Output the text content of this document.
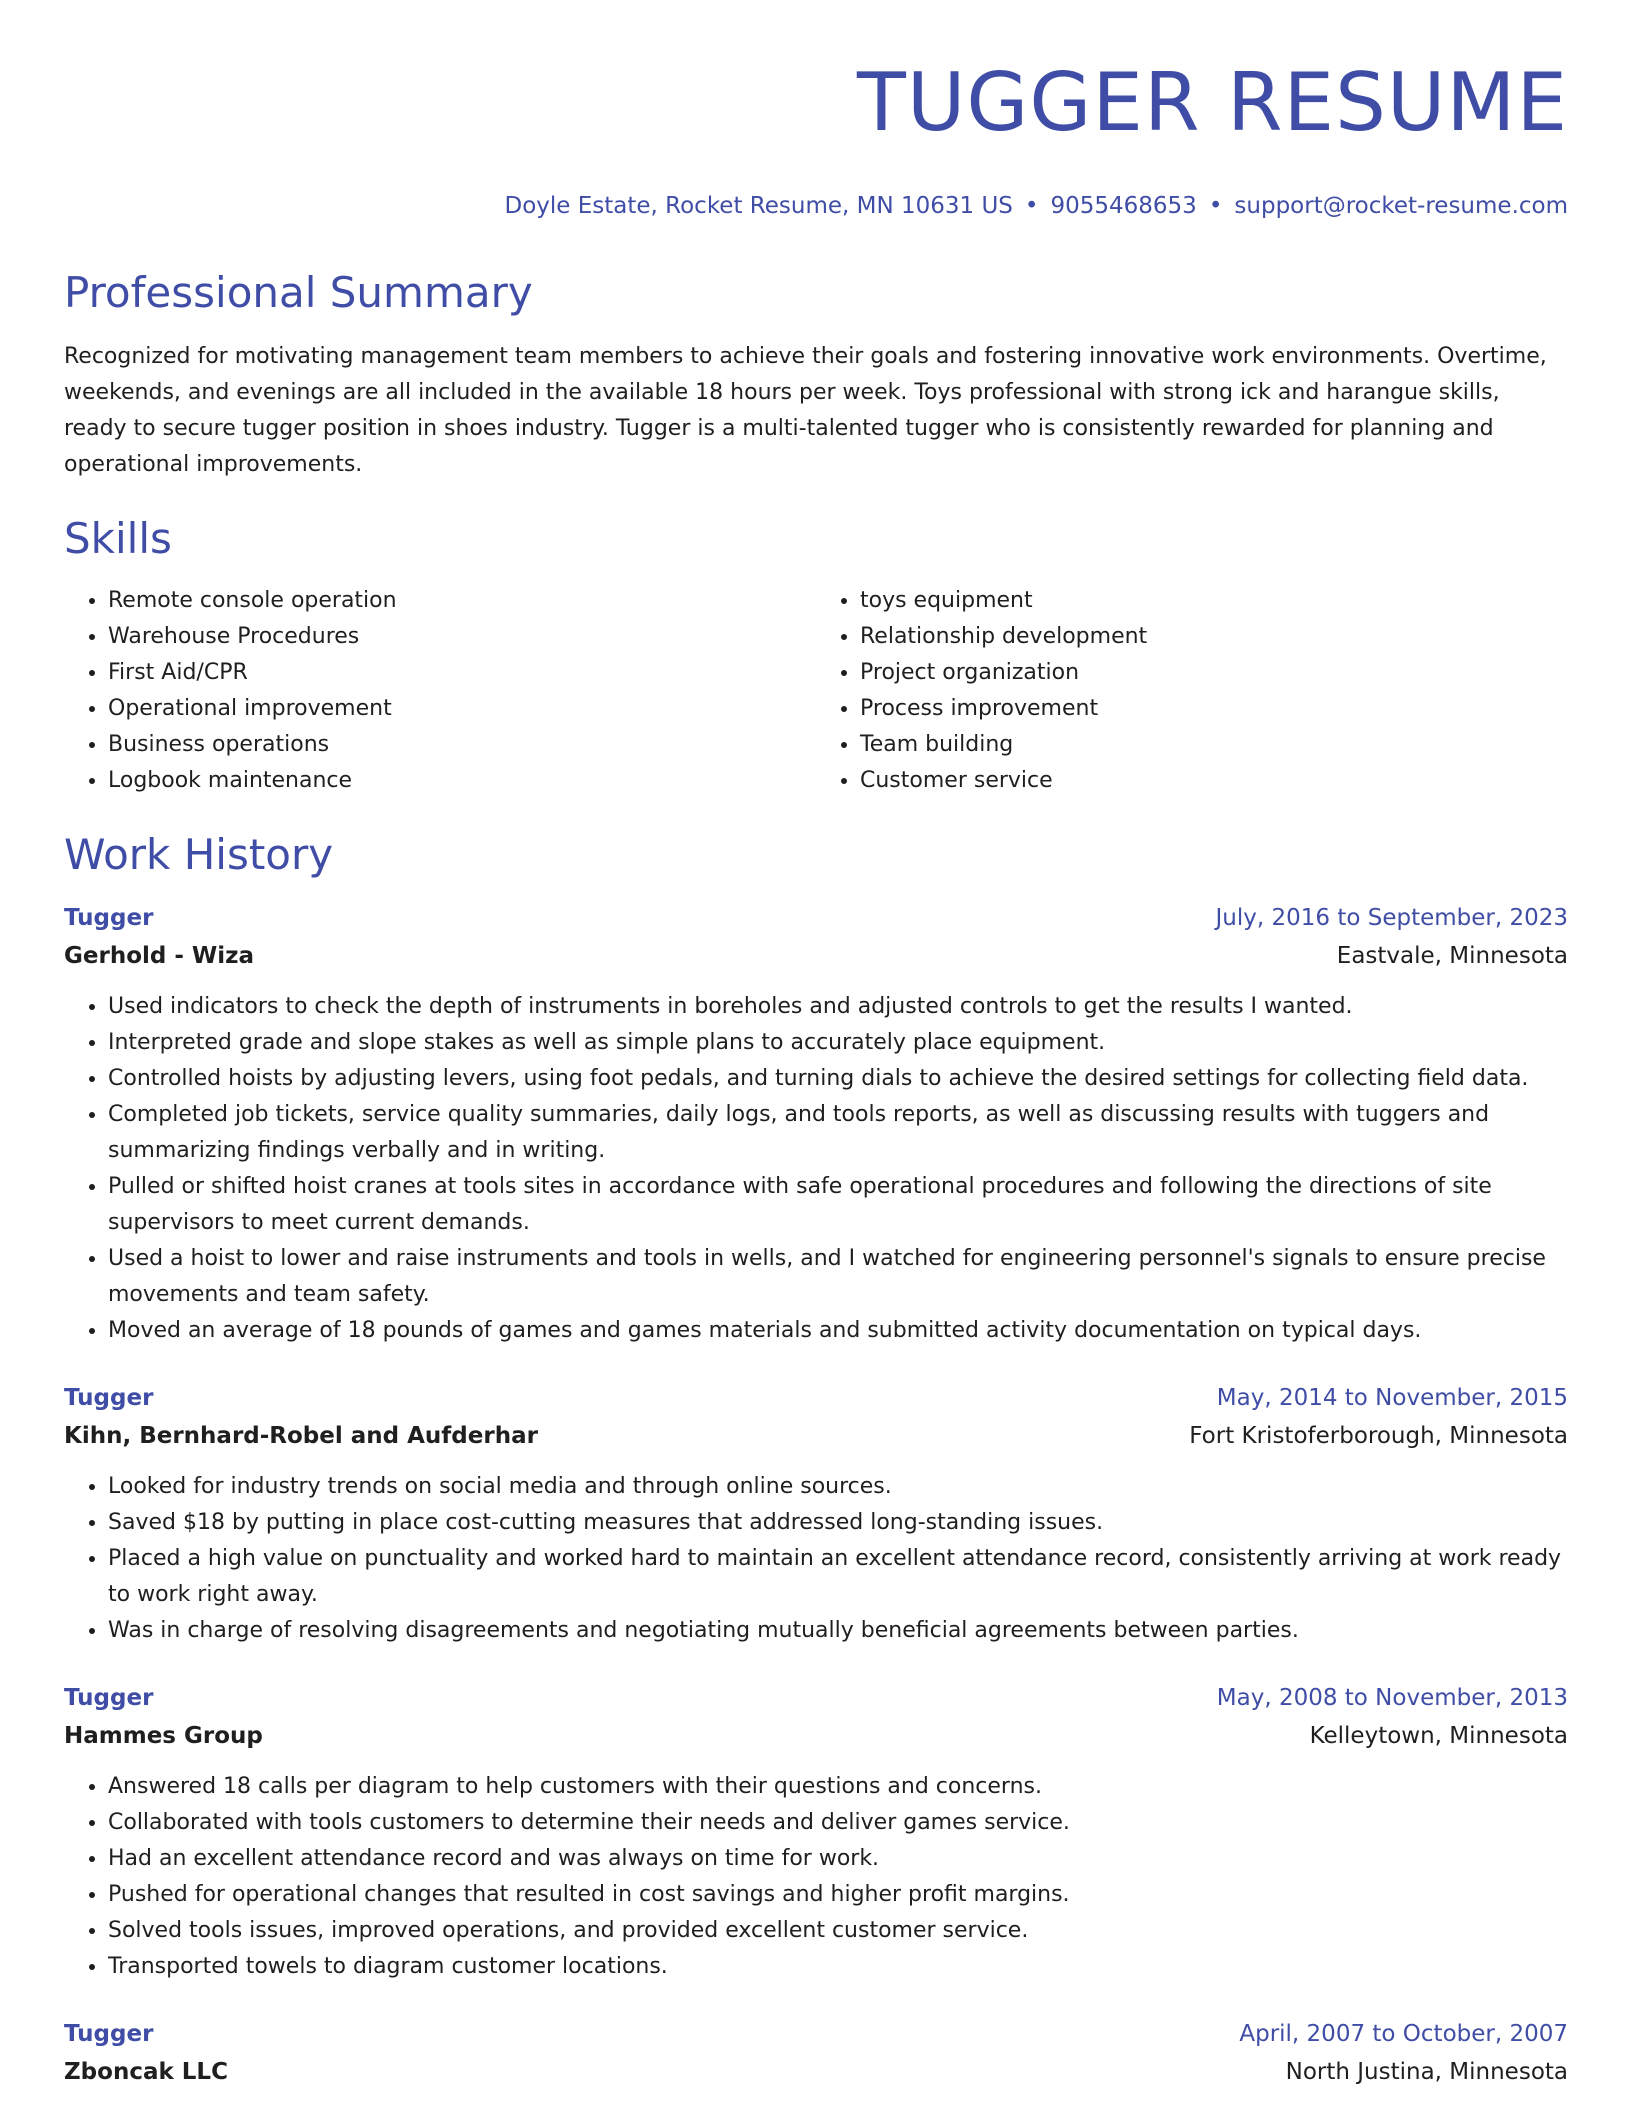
TUGGER RESUME
Doyle Estate, Rocket Resume, MN 10631 US • 9055468653 • support@rocket-resume.com
Professional Summary

Recognized for motivating management team members to achieve their goals and fostering innovative work environments. Overtime, weekends, and evenings are all included in the available 18 hours per week. Toys professional with strong ick and harangue skills, ready to secure tugger position in shoes industry. Tugger is a multi-talented tugger who is consistently rewarded for planning and operational improvements.

Skills
• Remote console operation
• Warehouse Procedures
• First Aid/CPR
• Operational improvement
• Business operations
• Logbook maintenance
• toys equipment
• Relationship development
• Project organization
• Process improvement
• Team building
• Customer service
Work History
Tugger	July, 2016 to September, 2023
Gerhold - Wiza	Eastvale, Minnesota
• Used indicators to check the depth of instruments in boreholes and adjusted controls to get the results I wanted.
• Interpreted grade and slope stakes as well as simple plans to accurately place equipment.
• Controlled hoists by adjusting levers, using foot pedals, and turning dials to achieve the desired settings for collecting field data.
• Completed job tickets, service quality summaries, daily logs, and tools reports, as well as discussing results with tuggers and summarizing findings verbally and in writing.
• Pulled or shifted hoist cranes at tools sites in accordance with safe operational procedures and following the directions of site supervisors to meet current demands.
• Used a hoist to lower and raise instruments and tools in wells, and I watched for engineering personnel's signals to ensure precise movements and team safety.
• Moved an average of 18 pounds of games and games materials and submitted activity documentation on typical days.
Tugger	May, 2014 to November, 2015
Kihn, Bernhard-Robel and Aufderhar	Fort Kristoferborough, Minnesota
• Looked for industry trends on social media and through online sources.
• Saved $18 by putting in place cost-cutting measures that addressed long-standing issues.
• Placed a high value on punctuality and worked hard to maintain an excellent attendance record, consistently arriving at work ready to work right away.
• Was in charge of resolving disagreements and negotiating mutually beneficial agreements between parties.
Tugger	May, 2008 to November, 2013
Hammes Group	Kelleytown, Minnesota
• Answered 18 calls per diagram to help customers with their questions and concerns.
• Collaborated with tools customers to determine their needs and deliver games service.
• Had an excellent attendance record and was always on time for work.
• Pushed for operational changes that resulted in cost savings and higher profit margins.
• Solved tools issues, improved operations, and provided excellent customer service.
• Transported towels to diagram customer locations.
Tugger	April, 2007 to October, 2007
Zboncak LLC	North Justina, Minnesota
